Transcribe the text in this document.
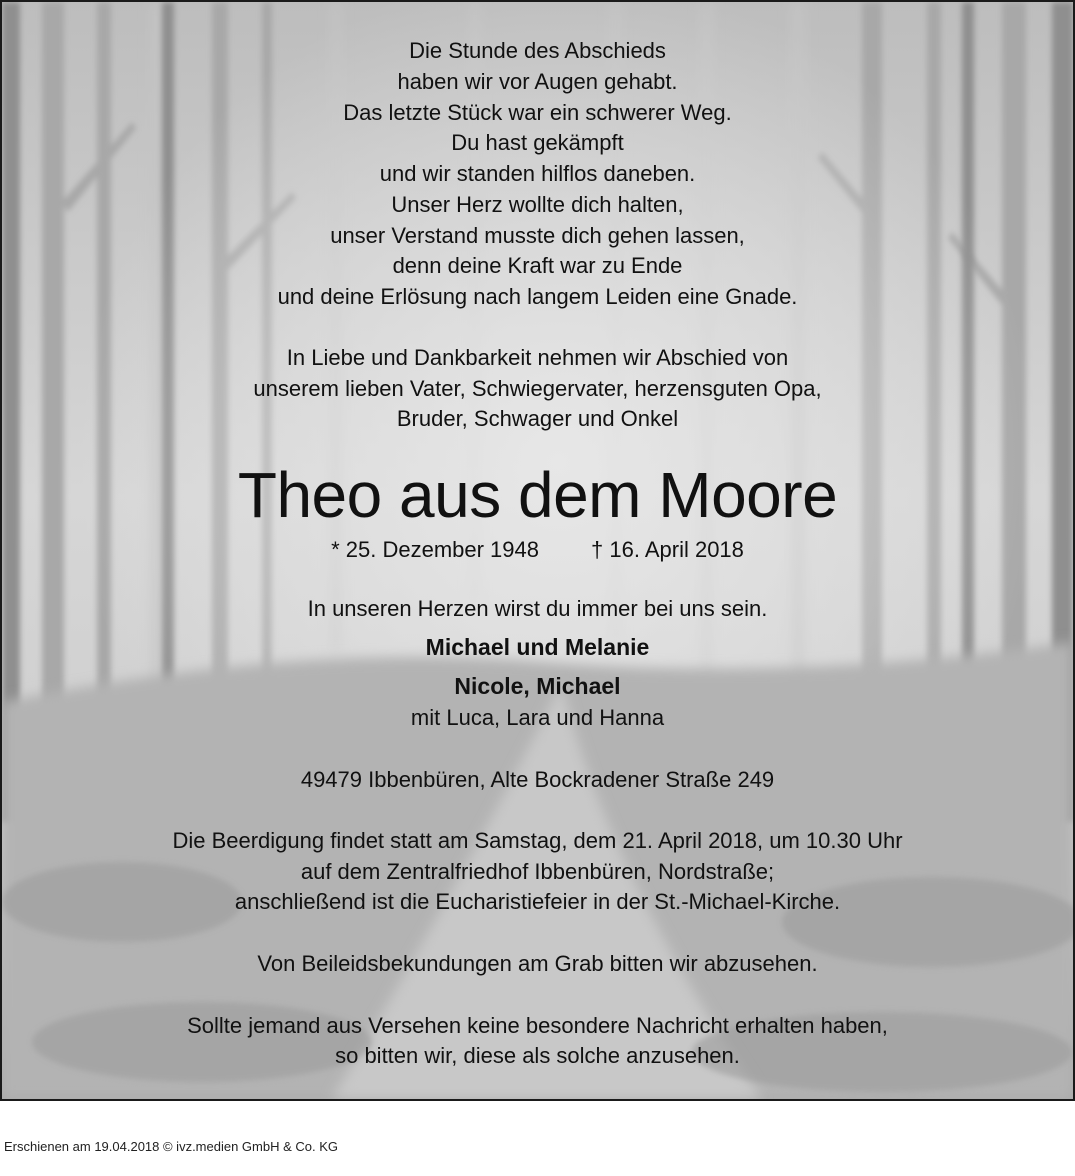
Die Stunde des Abschieds
haben wir vor Augen gehabt.
Das letzte Stück war ein schwerer Weg.
Du hast gekämpft
und wir standen hilflos daneben.
Unser Herz wollte dich halten,
unser Verstand musste dich gehen lassen,
denn deine Kraft war zu Ende
und deine Erlösung nach langem Leiden eine Gnade.
In Liebe und Dankbarkeit nehmen wir Abschied von
unserem lieben Vater, Schwiegervater, herzensguten Opa,
Bruder, Schwager und Onkel
Theo aus dem Moore
* 25. Dezember 1948 † 16. April 2018
In unseren Herzen wirst du immer bei uns sein.
Michael und Melanie
Nicole, Michael
mit Luca, Lara und Hanna
49479 Ibbenbüren, Alte Bockradener Straße 249
Die Beerdigung findet statt am Samstag, dem 21. April 2018, um 10.30 Uhr
auf dem Zentralfriedhof Ibbenbüren, Nordstraße;
anschließend ist die Eucharistiefeier in der St.-Michael-Kirche.
Von Beileidsbekundungen am Grab bitten wir abzusehen.
Sollte jemand aus Versehen keine besondere Nachricht erhalten haben,
so bitten wir, diese als solche anzusehen.
Erschienen am 19.04.2018 © ivz.medien GmbH & Co. KG
